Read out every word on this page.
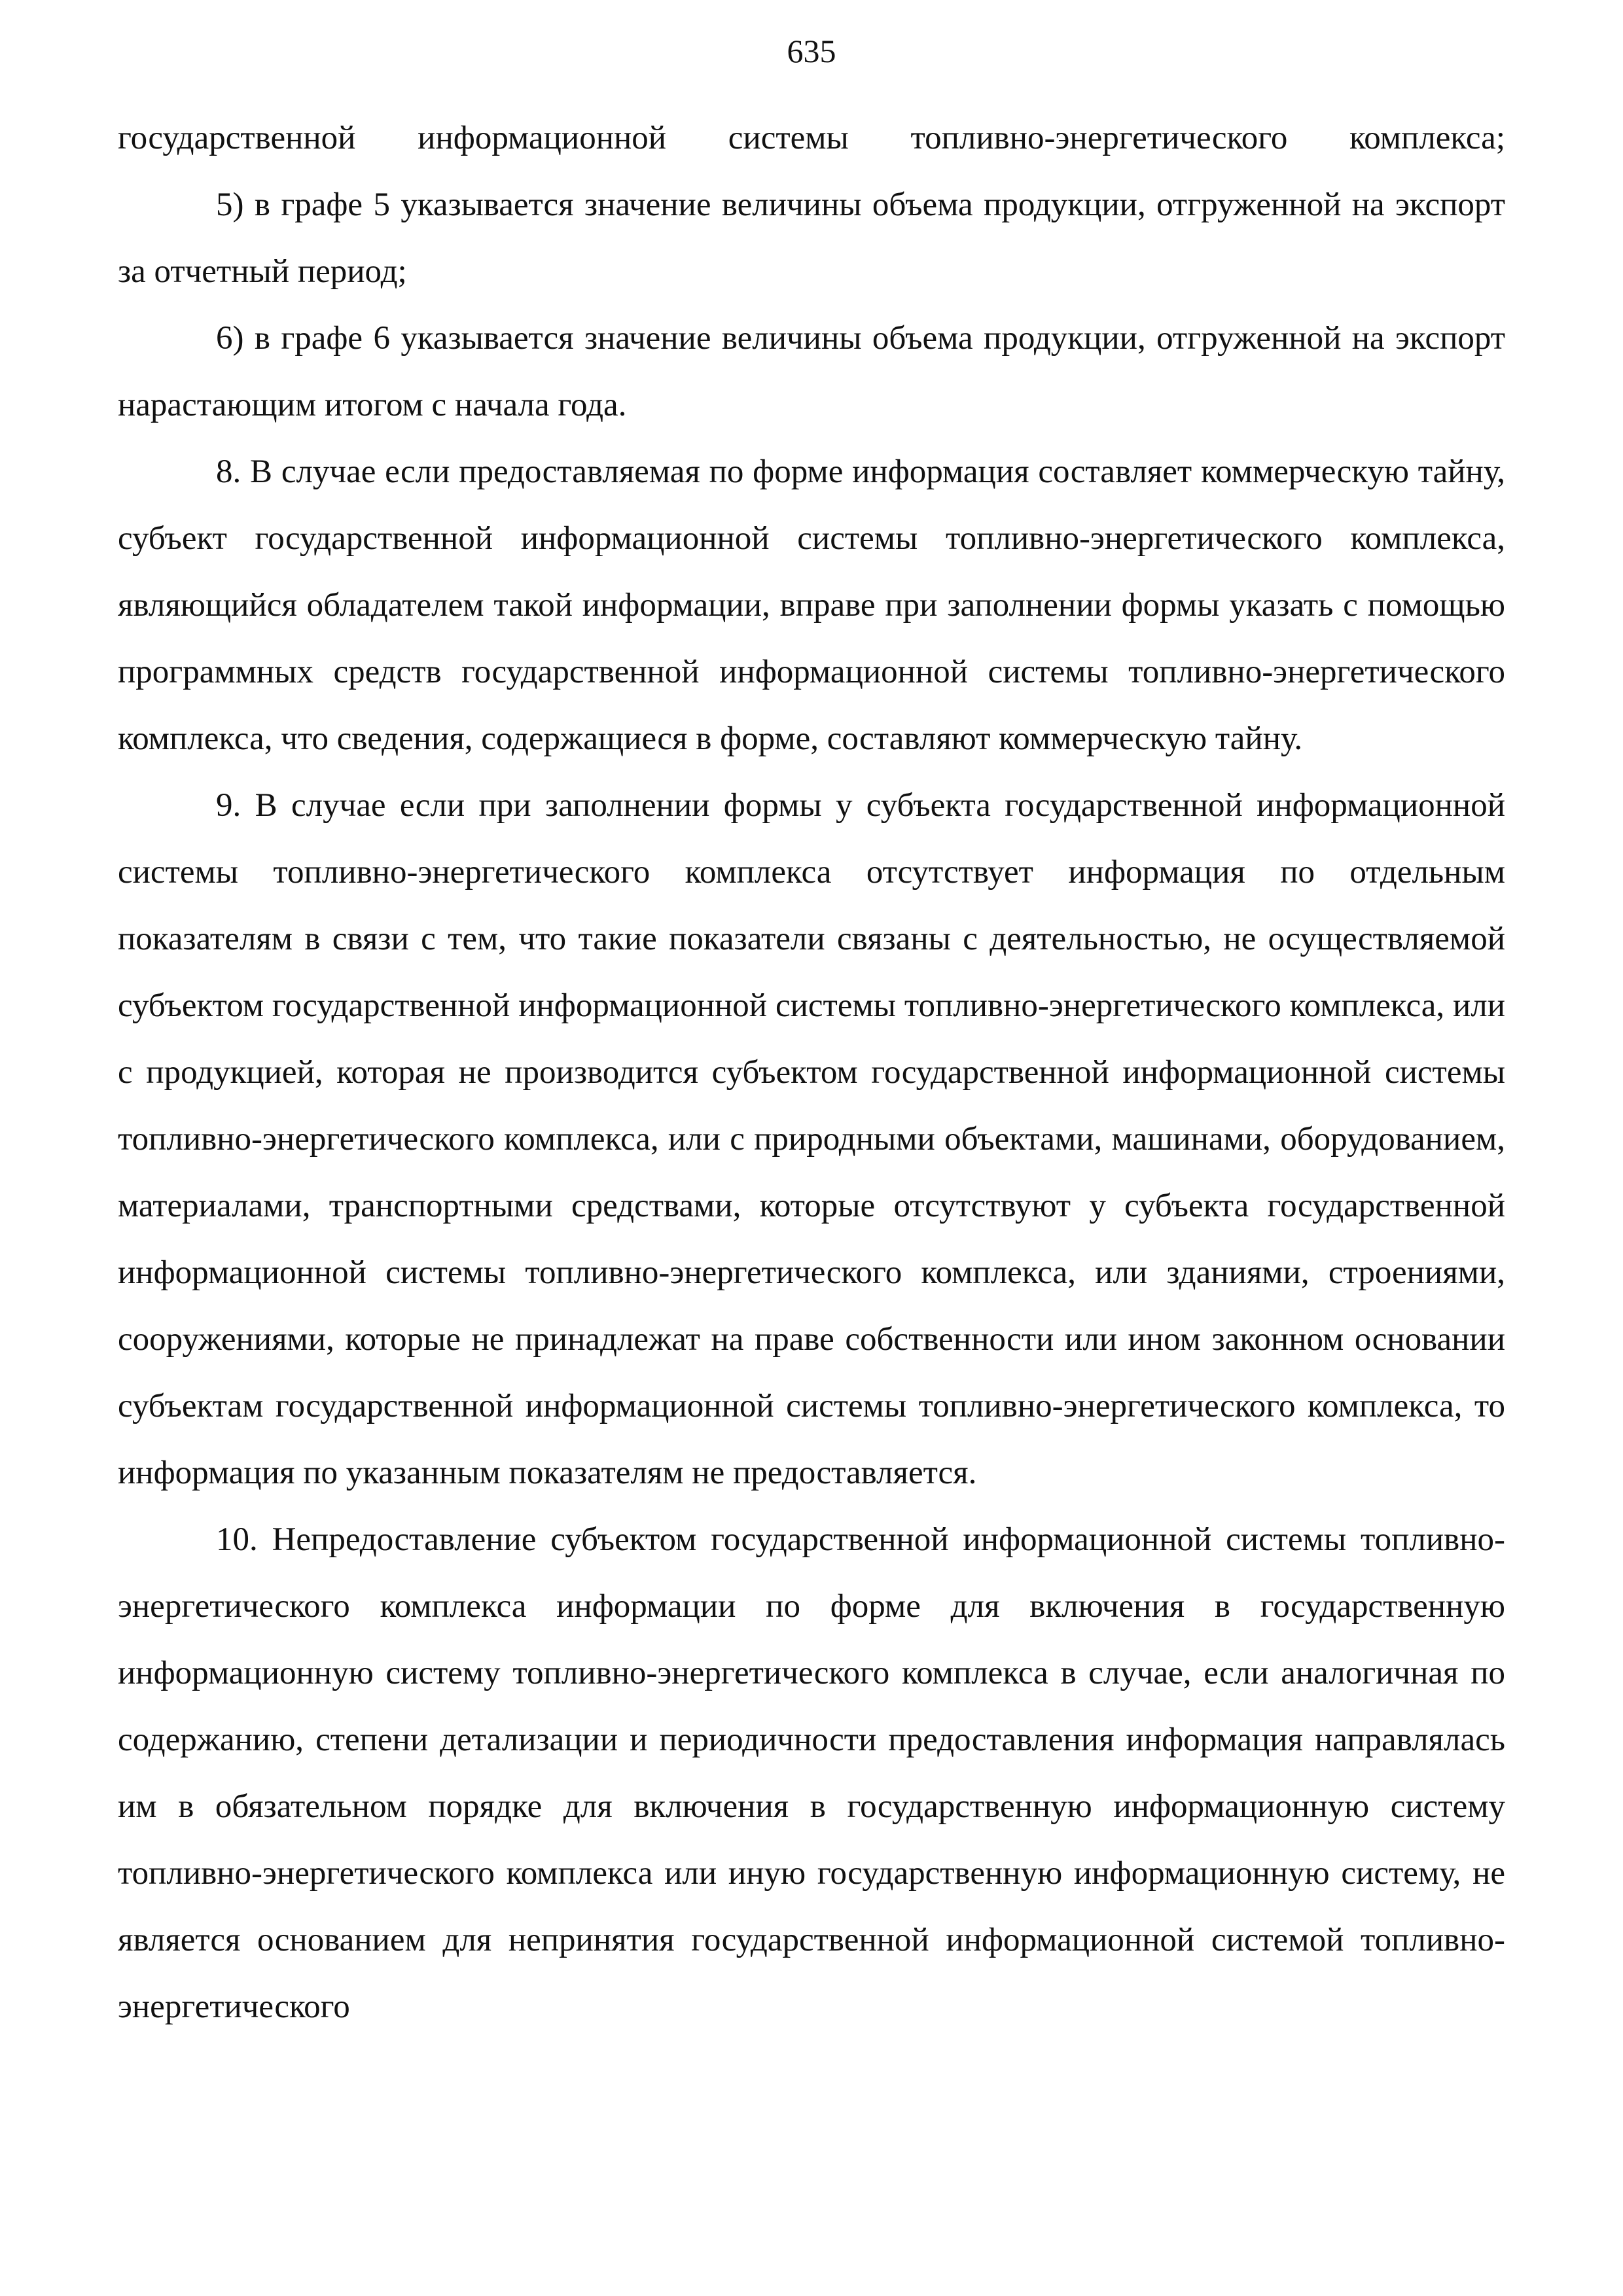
635

государственной информационной системы топливно-энергетического комплекса;

5) в графе 5 указывается значение величины объема продукции, отгруженной на экспорт за отчетный период;

6) в графе 6 указывается значение величины объема продукции, отгруженной на экспорт нарастающим итогом с начала года.

8. В случае если предоставляемая по форме информация составляет коммерческую тайну, субъект государственной информационной системы топливно-энергетического комплекса, являющийся обладателем такой информации, вправе при заполнении формы указать с помощью программных средств государственной информационной системы топливно-энергетического комплекса, что сведения, содержащиеся в форме, составляют коммерческую тайну.

9. В случае если при заполнении формы у субъекта государственной информационной системы топливно-энергетического комплекса отсутствует информация по отдельным показателям в связи с тем, что такие показатели связаны с деятельностью, не осуществляемой субъектом государственной информационной системы топливно-энергетического комплекса, или с продукцией, которая не производится субъектом государственной информационной системы топливно-энергетического комплекса, или с природными объектами, машинами, оборудованием, материалами, транспортными средствами, которые отсутствуют у субъекта государственной информационной системы топливно-энергетического комплекса, или зданиями, строениями, сооружениями, которые не принадлежат на праве собственности или ином законном основании субъектам государственной информационной системы топливно-энергетического комплекса, то информация по указанным показателям не предоставляется.

10. Непредоставление субъектом государственной информационной системы топливно-энергетического комплекса информации по форме для включения в государственную информационную систему топливно-энергетического комплекса в случае, если аналогичная по содержанию, степени детализации и периодичности предоставления информация направлялась им в обязательном порядке для включения в государственную информационную систему топливно-энергетического комплекса или иную государственную информационную систему, не является основанием для непринятия государственной информационной системой топливно-энергетического
